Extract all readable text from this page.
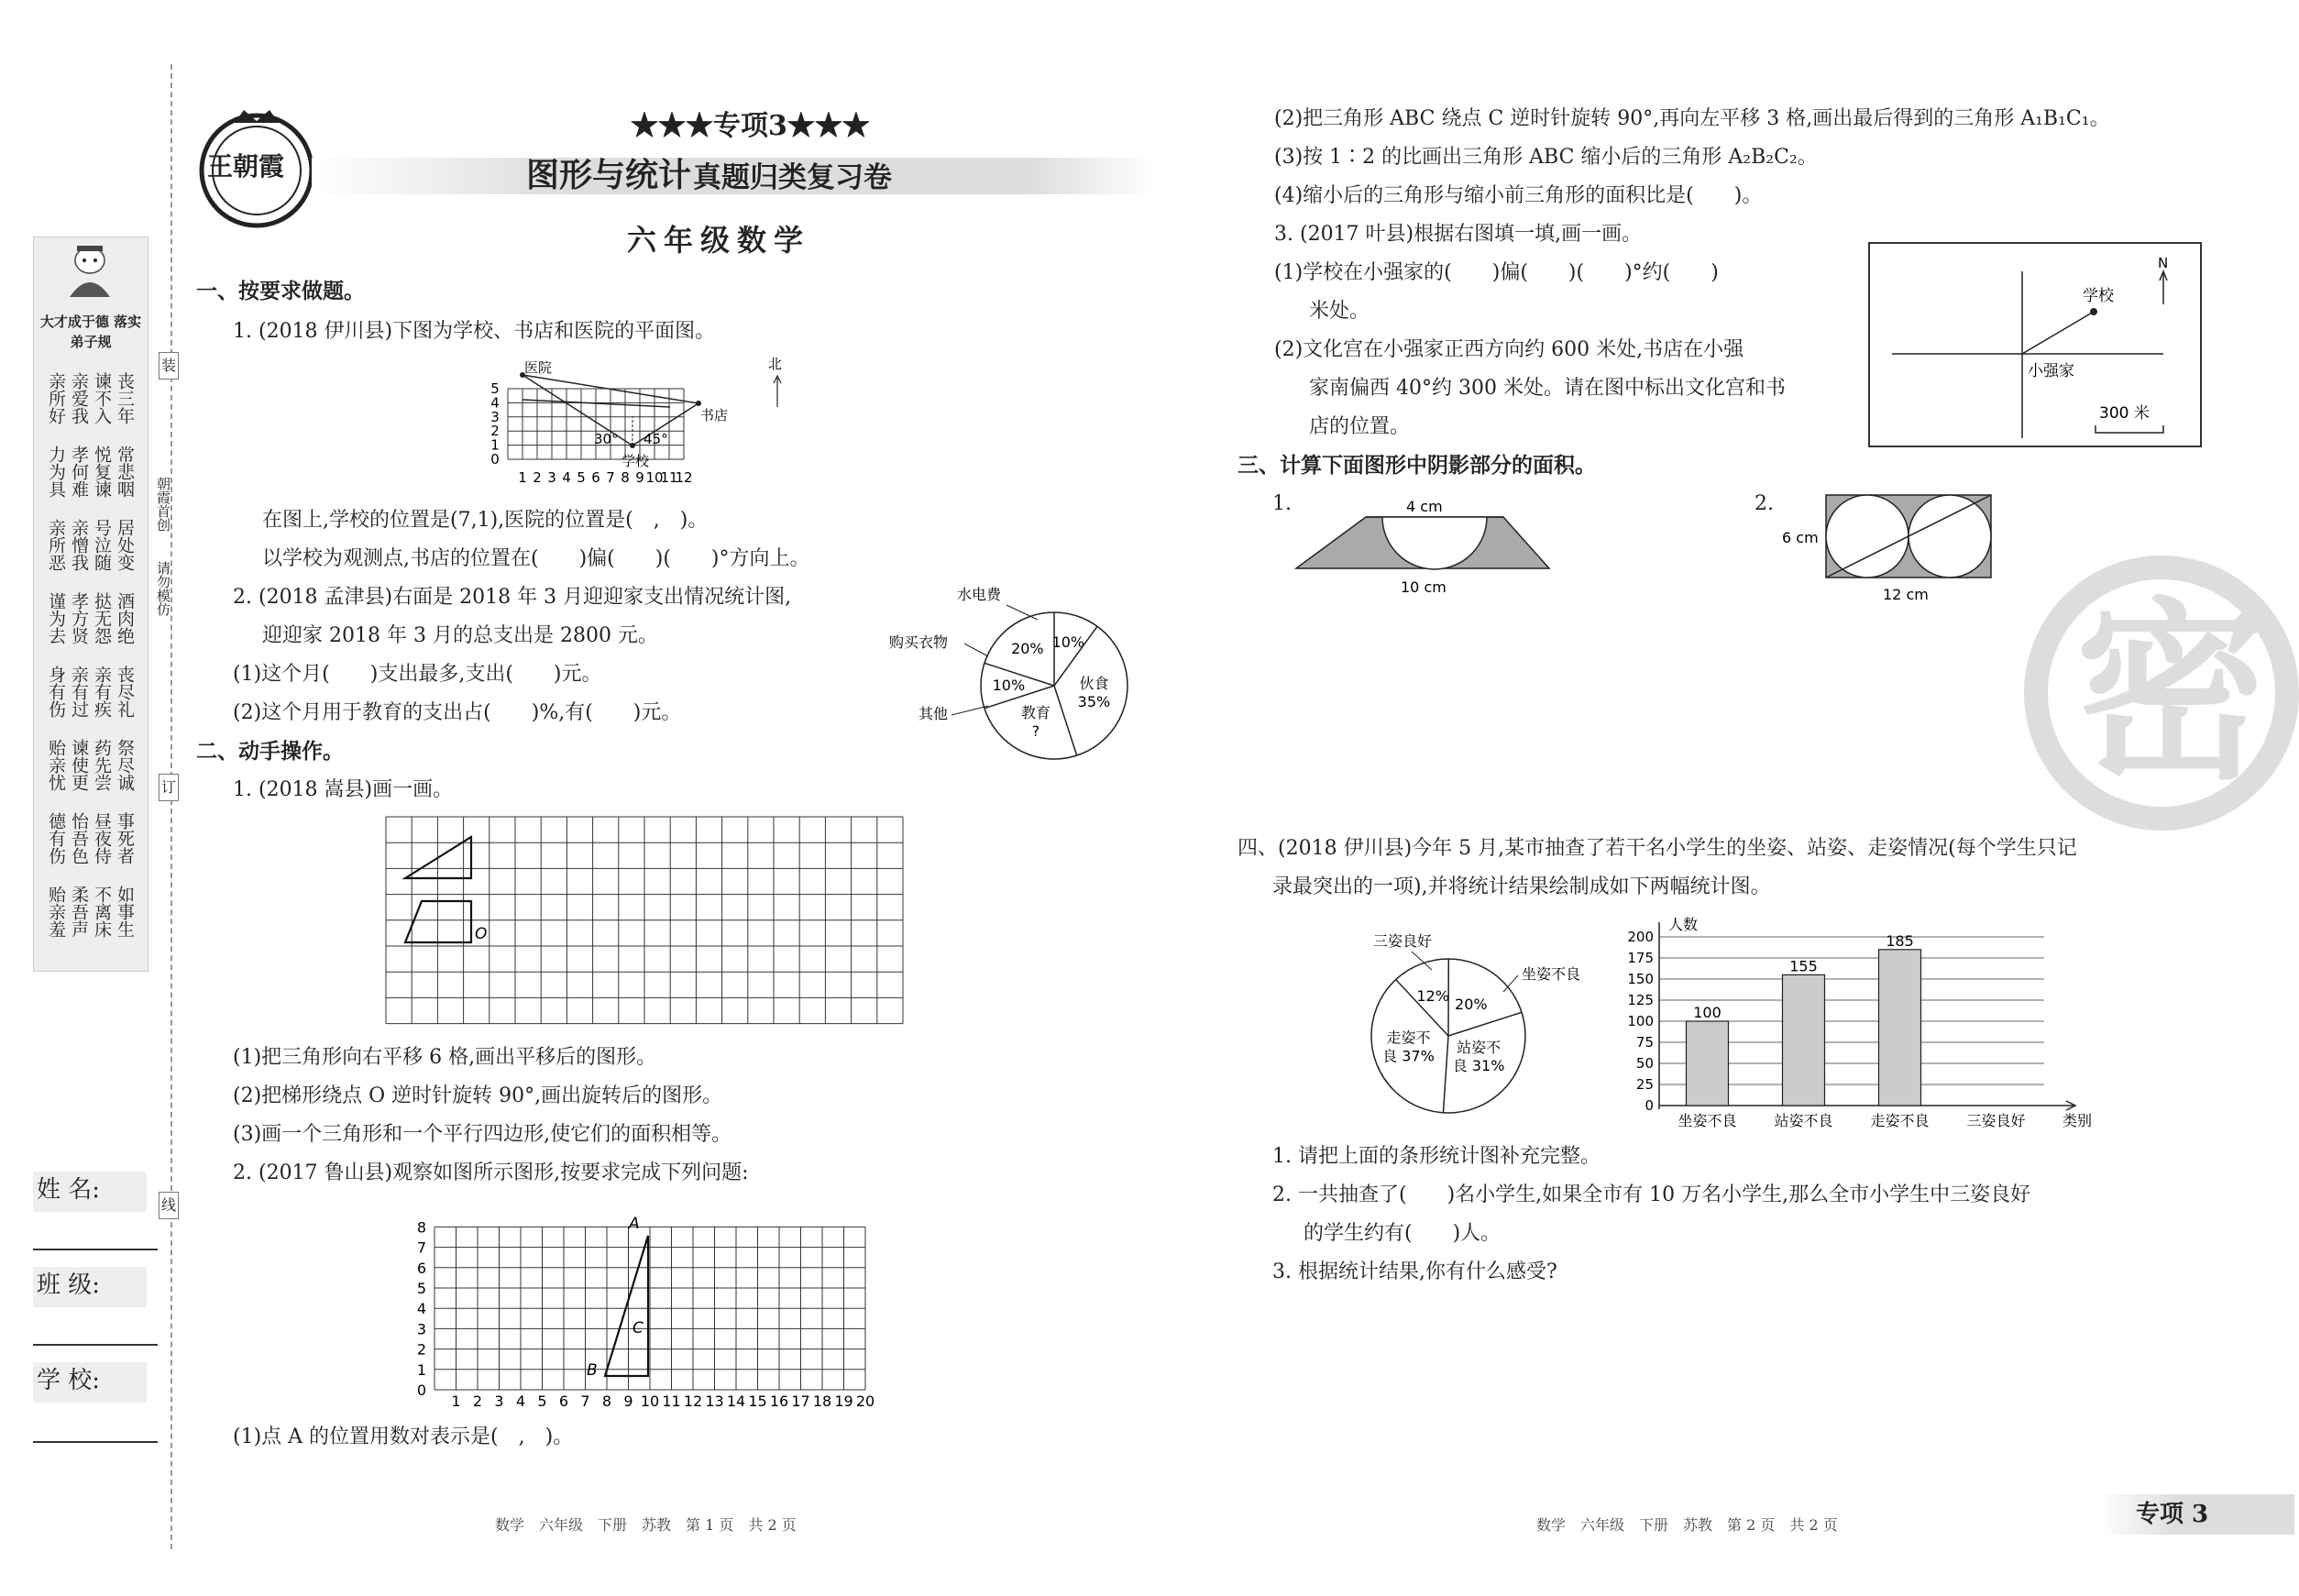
大才成于德 落实弟子规
丧三年
谏不入
亲爱我
亲所好
常悲咽
悦复谏
孝何难
力为具
居处变
号泣随
亲憎我
亲所恶
酒肉绝
挞无怨
孝方贤
谨为去
丧尽礼
亲有疾
亲有过
身有伤
祭尽诚
药先尝
谏使更
贻亲忧
事死者
昼夜侍
怡吾色
德有伤
如事生
不离床
柔吾声
贻亲羞
朝霞首创
请勿模仿
装
订
线
姓 名:
班 级:
学 校:
王朝霞
★★★专项3★★★
图形与统计 真题归类复习卷
六年级数学
一、按要求做题。
1. (2018 伊川县)下图为学校、书店和医院的平面图。
医院
书店
学校
30° 45°
北
1 2 3 4 5 6 7 8 9 10
11
12
0
1
2
3
4
5
在图上,学校的位置是(7,1),医院的位置是(　,　)。
以学校为观测点,书店的位置在(　　)偏(　　)(　　)°方向上。
2. (2018 孟津县)右面是 2018 年 3 月迎迎家支出情况统计图,
迎迎家 2018 年 3 月的总支出是 2800 元。
(1)这个月(　　)支出最多,支出(　　)元。
(2)这个月用于教育的支出占(　　)%,有(　　)元。
10%
伙食
35%
教育
?
10%
20%
水电费
购买衣物
其他
二、动手操作。
1. (2018 嵩县)画一画。
O
(1)把三角形向右平移 6 格,画出平移后的图形。
(2)把梯形绕点 O 逆时针旋转 90°,画出旋转后的图形。
(3)画一个三角形和一个平行四边形,使它们的面积相等。
2. (2017 鲁山县)观察如图所示图形,按要求完成下列问题:
A
B
C
1 2 3 4 5 6 7 8 9 10 11 12 13 14 15 16 17 18 19 20
0
1
2
3
4
5
6
7
8
(1)点 A 的位置用数对表示是(　,　)。
数学　六年级　下册　苏教　第 1 页　共 2 页
(2)把三角形 ABC 绕点 C 逆时针旋转 90°,再向左平移 3 格,画出最后得到的三角形 A₁B₁C₁。
(3)按 1∶2 的比画出三角形 ABC 缩小后的三角形 A₂B₂C₂。
(4)缩小后的三角形与缩小前三角形的面积比是(　　)。
3. (2017 叶县)根据右图填一填,画一画。
(1)学校在小强家的(　　)偏(　　)(　　)°约(　　)
米处。
(2)文化宫在小强家正西方向约 600 米处,书店在小强
家南偏西 40°约 300 米处。请在图中标出文化宫和书
店的位置。
学校
小强家
N
300 米
三、计算下面图形中阴影部分的面积。
1.	2.
4 cm
10 cm
6 cm
12 cm 密
四、(2018 伊川县)今年 5 月,某市抽查了若干名小学生的坐姿、站姿、走姿情况(每个学生只记
录最突出的一项),并将统计结果绘制成如下两幅统计图。
12%
三姿良好
20%
坐姿不良
站姿不
良 31%
走姿不
良 37%
0
25
50
75
100
125
150
175
200
人数
类别
坐姿不良
100
站姿不良
155
走姿不良
185
三姿良好
1. 请把上面的条形统计图补充完整。
2. 一共抽查了(　　)名小学生,如果全市有 10 万名小学生,那么全市小学生中三姿良好
的学生约有(　　)人。
3. 根据统计结果,你有什么感受?
数学　六年级　下册　苏教　第 2 页　共 2 页	专项 3
